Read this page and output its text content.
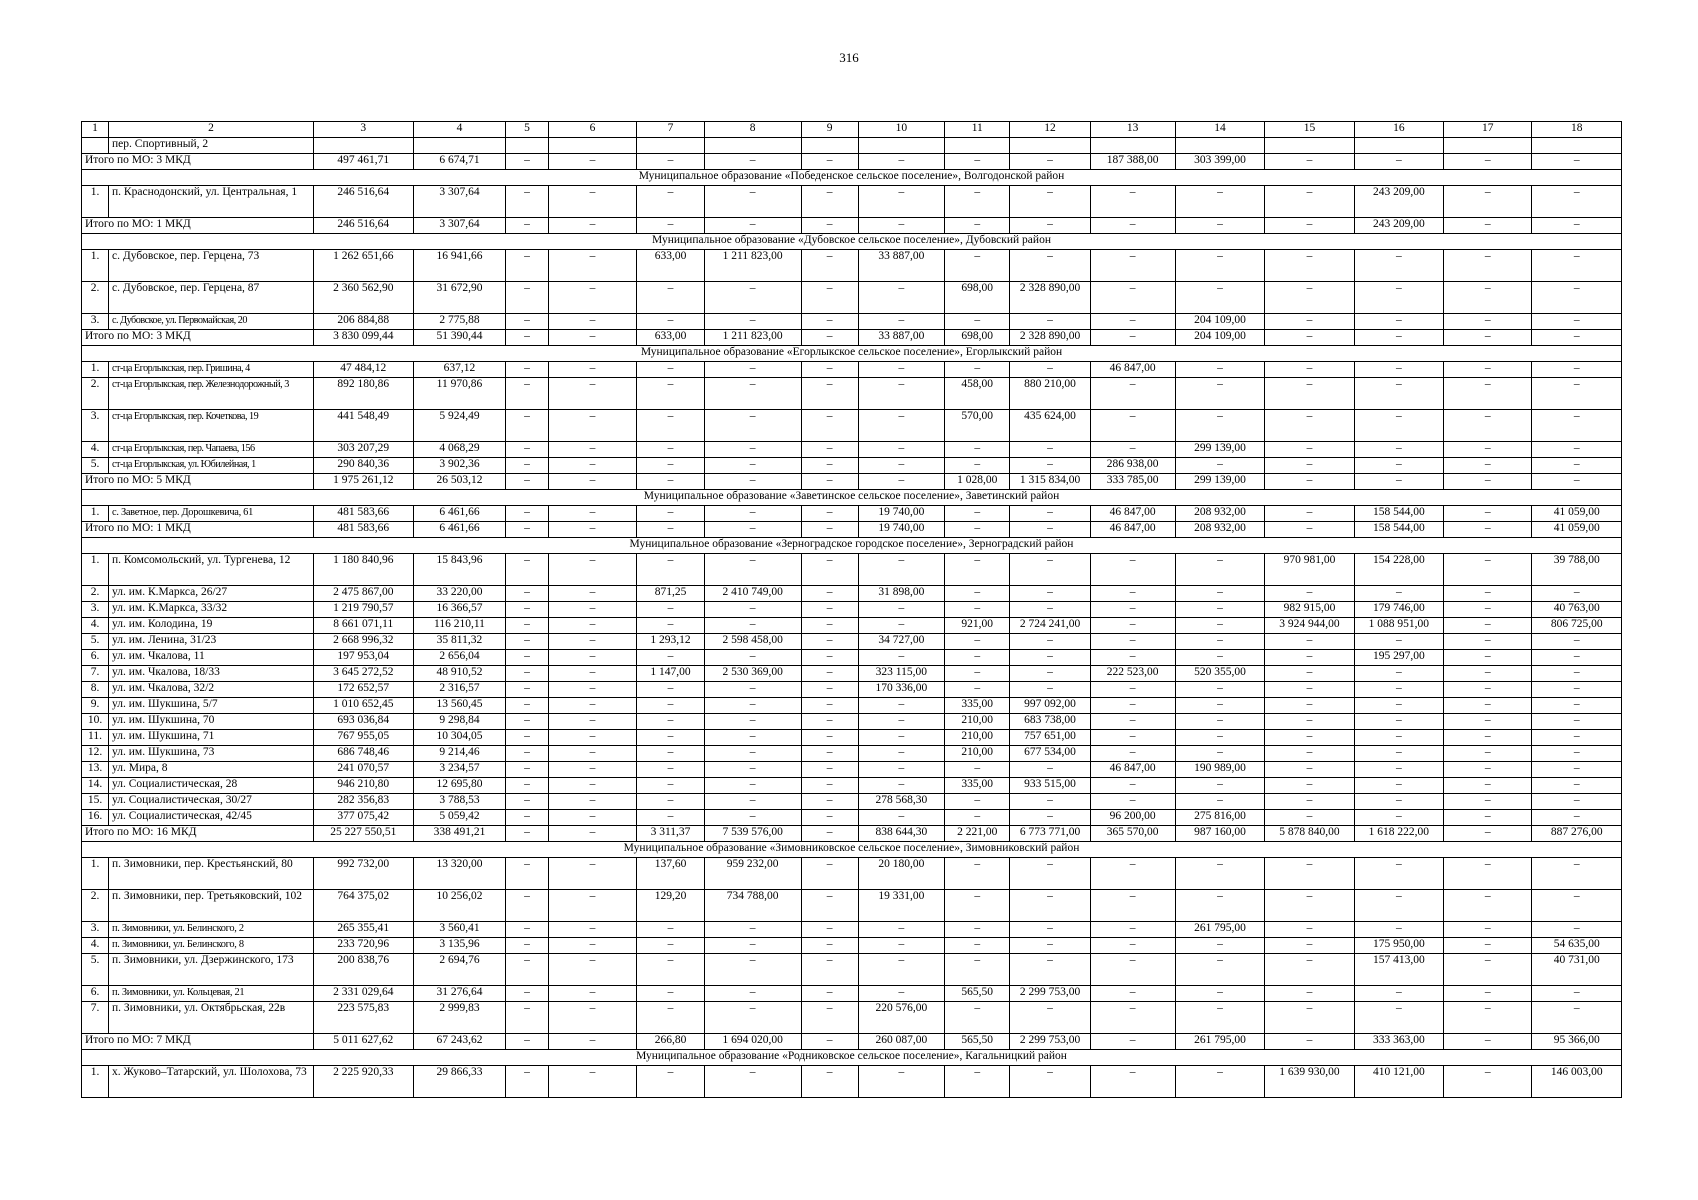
316
1	2	3	4	5	6	7	8	9	10	11	12	13	14	15	16	17	18
	пер. Спортивный, 2																
Итого по МО: 3 МКД		497 461,71	6 674,71	–	–	–	–	–	–	–	–	187 388,00	303 399,00	–	–	–	–
Муниципальное образование «Победенское сельское поселение», Волгодонской район																	
1.	п. Краснодонский, ул. Центральная, 1	246 516,64	3 307,64	–	–	–	–	–	–	–	–	–	–	–	243 209,00	–	–
Итого по МО: 1 МКД		246 516,64	3 307,64	–	–	–	–	–	–	–	–	–	–	–	243 209,00	–	–
Муниципальное образование «Дубовское сельское поселение», Дубовский район																	
1.	с. Дубовское, пер. Герцена, 73	1 262 651,66	16 941,66	–	–	633,00	1 211 823,00	–	33 887,00	–	–	–	–	–	–	–	–
2.	с. Дубовское, пер. Герцена, 87	2 360 562,90	31 672,90	–	–	–	–	–	–	698,00	2 328 890,00	–	–	–	–	–	–
3.	с. Дубовское, ул. Первомайская, 20	206 884,88	2 775,88	–	–	–	–	–	–	–	–	–	204 109,00	–	–	–	–
Итого по МО: 3 МКД		3 830 099,44	51 390,44	–	–	633,00	1 211 823,00	–	33 887,00	698,00	2 328 890,00	–	204 109,00	–	–	–	–
Муниципальное образование «Егорлыкское сельское поселение», Егорлыкский район																	
1.	ст-ца Егорлыкская, пер. Гришина, 4	47 484,12	637,12	–	–	–	–	–	–	–	–	46 847,00	–	–	–	–	–
2.	ст-ца Егорлыкская, пер. Железнодорожный, 3	892 180,86	11 970,86	–	–	–	–	–	–	458,00	880 210,00	–	–	–	–	–	–
3.	ст-ца Егорлыкская, пер. Кочеткова, 19	441 548,49	5 924,49	–	–	–	–	–	–	570,00	435 624,00	–	–	–	–	–	–
4.	ст-ца Егорлыкская, пер. Чапаева, 156	303 207,29	4 068,29	–	–	–	–	–	–	–	–	–	299 139,00	–	–	–	–
5.	ст-ца Егорлыкская, ул. Юбилейная, 1	290 840,36	3 902,36	–	–	–	–	–	–	–	–	286 938,00	–	–	–	–	–
Итого по МО: 5 МКД		1 975 261,12	26 503,12	–	–	–	–	–	–	1 028,00	1 315 834,00	333 785,00	299 139,00	–	–	–	–
Муниципальное образование «Заветинское сельское поселение», Заветинский район																	
1.	с. Заветное, пер. Дорошкевича, 61	481 583,66	6 461,66	–	–	–	–	–	19 740,00	–	–	46 847,00	208 932,00	–	158 544,00	–	41 059,00
Итого по МО: 1 МКД		481 583,66	6 461,66	–	–	–	–	–	19 740,00	–	–	46 847,00	208 932,00	–	158 544,00	–	41 059,00
Муниципальное образование «Зерноградское городское поселение», Зерноградский район																	
1.	п. Комсомольский, ул. Тургенева, 12	1 180 840,96	15 843,96	–	–	–	–	–	–	–	–	–	–	970 981,00	154 228,00	–	39 788,00
2.	ул. им. К.Маркса, 26/27	2 475 867,00	33 220,00	–	–	871,25	2 410 749,00	–	31 898,00	–	–	–	–	–	–	–	–
3.	ул. им. К.Маркса, 33/32	1 219 790,57	16 366,57	–	–	–	–	–	–	–	–	–	–	982 915,00	179 746,00	–	40 763,00
4.	ул. им. Колодина, 19	8 661 071,11	116 210,11	–	–	–	–	–	–	921,00	2 724 241,00	–	–	3 924 944,00	1 088 951,00	–	806 725,00
5.	ул. им. Ленина, 31/23	2 668 996,32	35 811,32	–	–	1 293,12	2 598 458,00	–	34 727,00	–	–	–	–	–	–	–	–
6.	ул. им. Чкалова, 11	197 953,04	2 656,04	–	–	–	–	–	–	–	–	–	–	–	195 297,00	–	–
7.	ул. им. Чкалова, 18/33	3 645 272,52	48 910,52	–	–	1 147,00	2 530 369,00	–	323 115,00	–	–	222 523,00	520 355,00	–	–	–	–
8.	ул. им. Чкалова, 32/2	172 652,57	2 316,57	–	–	–	–	–	170 336,00	–	–	–	–	–	–	–	–
9.	ул. им. Шукшина, 5/7	1 010 652,45	13 560,45	–	–	–	–	–	–	335,00	997 092,00	–	–	–	–	–	–
10.	ул. им. Шукшина, 70	693 036,84	9 298,84	–	–	–	–	–	–	210,00	683 738,00	–	–	–	–	–	–
11.	ул. им. Шукшина, 71	767 955,05	10 304,05	–	–	–	–	–	–	210,00	757 651,00	–	–	–	–	–	–
12.	ул. им. Шукшина, 73	686 748,46	9 214,46	–	–	–	–	–	–	210,00	677 534,00	–	–	–	–	–	–
13.	ул. Мира, 8	241 070,57	3 234,57	–	–	–	–	–	–	–	–	46 847,00	190 989,00	–	–	–	–
14.	ул. Социалистическая, 28	946 210,80	12 695,80	–	–	–	–	–	–	335,00	933 515,00	–	–	–	–	–	–
15.	ул. Социалистическая, 30/27	282 356,83	3 788,53	–	–	–	–	–	278 568,30	–	–	–	–	–	–	–	–
16.	ул. Социалистическая, 42/45	377 075,42	5 059,42	–	–	–	–	–	–	–	–	96 200,00	275 816,00	–	–	–	–
Итого по МО: 16 МКД		25 227 550,51	338 491,21	–	–	3 311,37	7 539 576,00	–	838 644,30	2 221,00	6 773 771,00	365 570,00	987 160,00	5 878 840,00	1 618 222,00	–	887 276,00
Муниципальное образование «Зимовниковское сельское поселение», Зимовниковский район																	
1.	п. Зимовники, пер. Крестьянский, 80	992 732,00	13 320,00	–	–	137,60	959 232,00	–	20 180,00	–	–	–	–	–	–	–	–
2.	п. Зимовники, пер. Третьяковский, 102	764 375,02	10 256,02	–	–	129,20	734 788,00	–	19 331,00	–	–	–	–	–	–	–	–
3.	п. Зимовники, ул. Белинского, 2	265 355,41	3 560,41	–	–	–	–	–	–	–	–	–	261 795,00	–	–	–	–
4.	п. Зимовники, ул. Белинского, 8	233 720,96	3 135,96	–	–	–	–	–	–	–	–	–	–	–	175 950,00	–	54 635,00
5.	п. Зимовники, ул. Дзержинского, 173	200 838,76	2 694,76	–	–	–	–	–	–	–	–	–	–	–	157 413,00	–	40 731,00
6.	п. Зимовники, ул. Кольцевая, 21	2 331 029,64	31 276,64	–	–	–	–	–	–	565,50	2 299 753,00	–	–	–	–	–	–
7.	п. Зимовники, ул. Октябрьская, 22в	223 575,83	2 999,83	–	–	–	–	–	220 576,00	–	–	–	–	–	–	–	–
Итого по МО: 7 МКД		5 011 627,62	67 243,62	–	–	266,80	1 694 020,00	–	260 087,00	565,50	2 299 753,00	–	261 795,00	–	333 363,00	–	95 366,00
Муниципальное образование «Родниковское сельское поселение», Кагальницкий район																	
1.	х. Жуково–Татарский, ул. Шолохова, 73	2 225 920,33	29 866,33	–	–	–	–	–	–	–	–	–	–	1 639 930,00	410 121,00	–	146 003,00
